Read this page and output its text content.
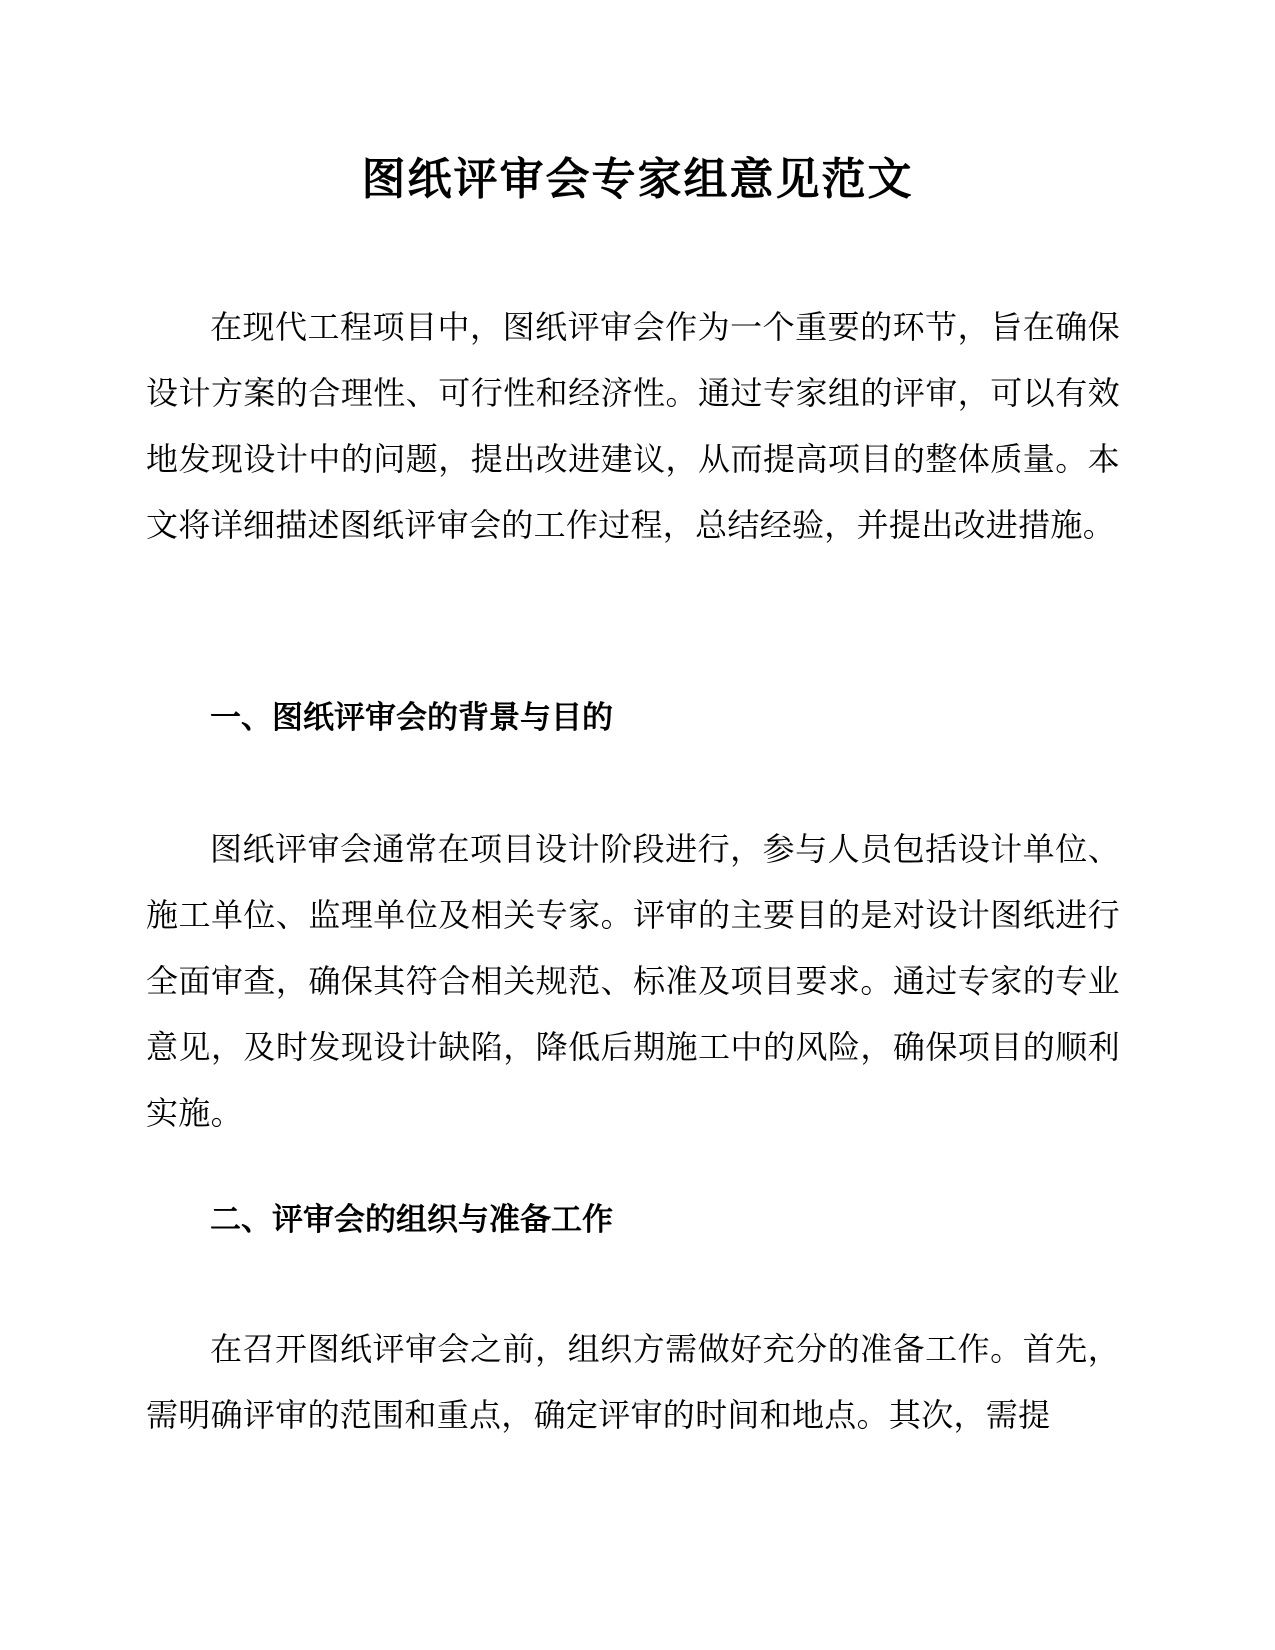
图纸评审会专家组意见范文

在现代工程项目中，图纸评审会作为一个重要的环节，旨在确保设计方案的合理性、可行性和经济性。通过专家组的评审，可以有效地发现设计中的问题，提出改进建议，从而提高项目的整体质量。本文将详细描述图纸评审会的工作过程，总结经验，并提出改进措施。

一、图纸评审会的背景与目的

图纸评审会通常在项目设计阶段进行，参与人员包括设计单位、施工单位、监理单位及相关专家。评审的主要目的是对设计图纸进行全面审查，确保其符合相关规范、标准及项目要求。通过专家的专业意见，及时发现设计缺陷，降低后期施工中的风险，确保项目的顺利实施。

二、评审会的组织与准备工作

在召开图纸评审会之前，组织方需做好充分的准备工作。首先，需明确评审的范围和重点，确定评审的时间和地点。其次，需提
